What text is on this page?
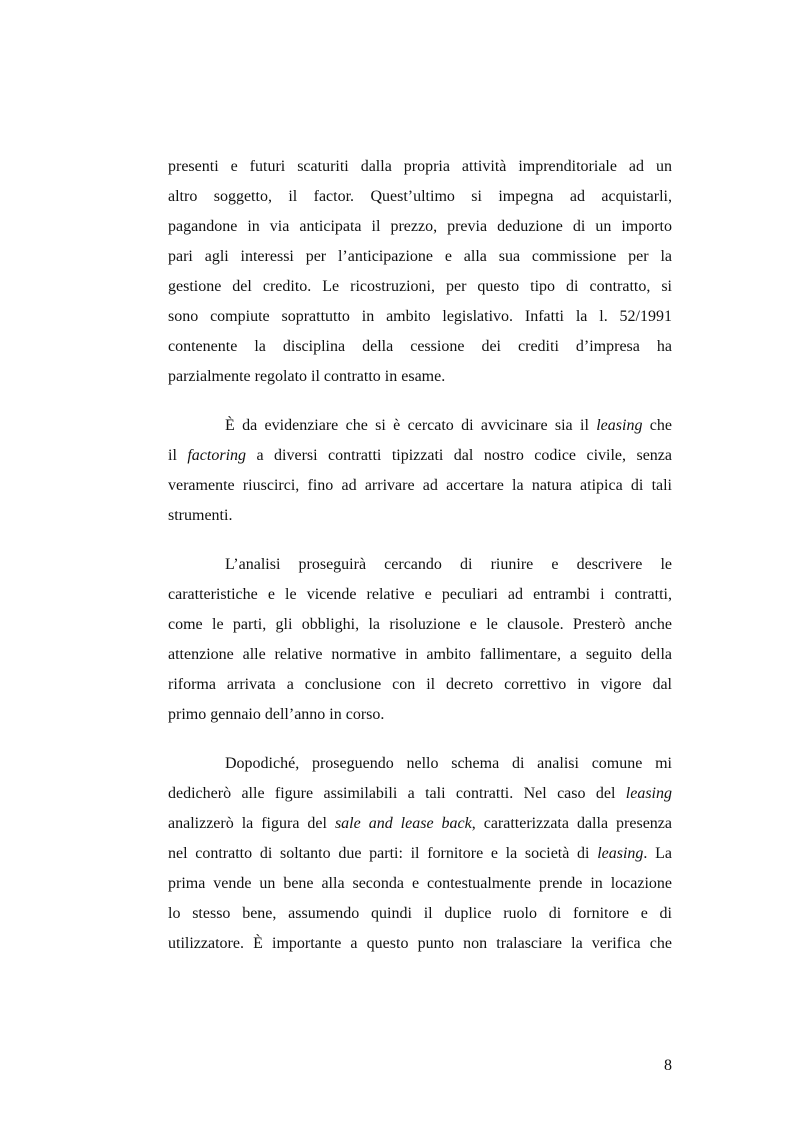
presenti e futuri scaturiti dalla propria attività imprenditoriale ad un
altro soggetto, il factor. Quest’ultimo si impegna ad acquistarli,
pagandone in via anticipata il prezzo, previa deduzione di un importo
pari agli interessi per l’anticipazione e alla sua commissione per la
gestione del credito. Le ricostruzioni, per questo tipo di contratto, si
sono compiute soprattutto in ambito legislativo. Infatti la l. 52/1991
contenente la disciplina della cessione dei crediti d’impresa ha
parzialmente regolato il contratto in esame.

È da evidenziare che si è cercato di avvicinare sia il leasing che
il factoring a diversi contratti tipizzati dal nostro codice civile, senza
veramente riuscirci, fino ad arrivare ad accertare la natura atipica di tali
strumenti.

L’analisi proseguirà cercando di riunire e descrivere le
caratteristiche e le vicende relative e peculiari ad entrambi i contratti,
come le parti, gli obblighi, la risoluzione e le clausole. Presterò anche
attenzione alle relative normative in ambito fallimentare, a seguito della
riforma arrivata a conclusione con il decreto correttivo in vigore dal
primo gennaio dell’anno in corso.

Dopodiché, proseguendo nello schema di analisi comune mi
dedicherò alle figure assimilabili a tali contratti. Nel caso del leasing
analizzerò la figura del sale and lease back, caratterizzata dalla presenza
nel contratto di soltanto due parti: il fornitore e la società di leasing. La
prima vende un bene alla seconda e contestualmente prende in locazione
lo stesso bene, assumendo quindi il duplice ruolo di fornitore e di
utilizzatore. È importante a questo punto non tralasciare la verifica che

8
